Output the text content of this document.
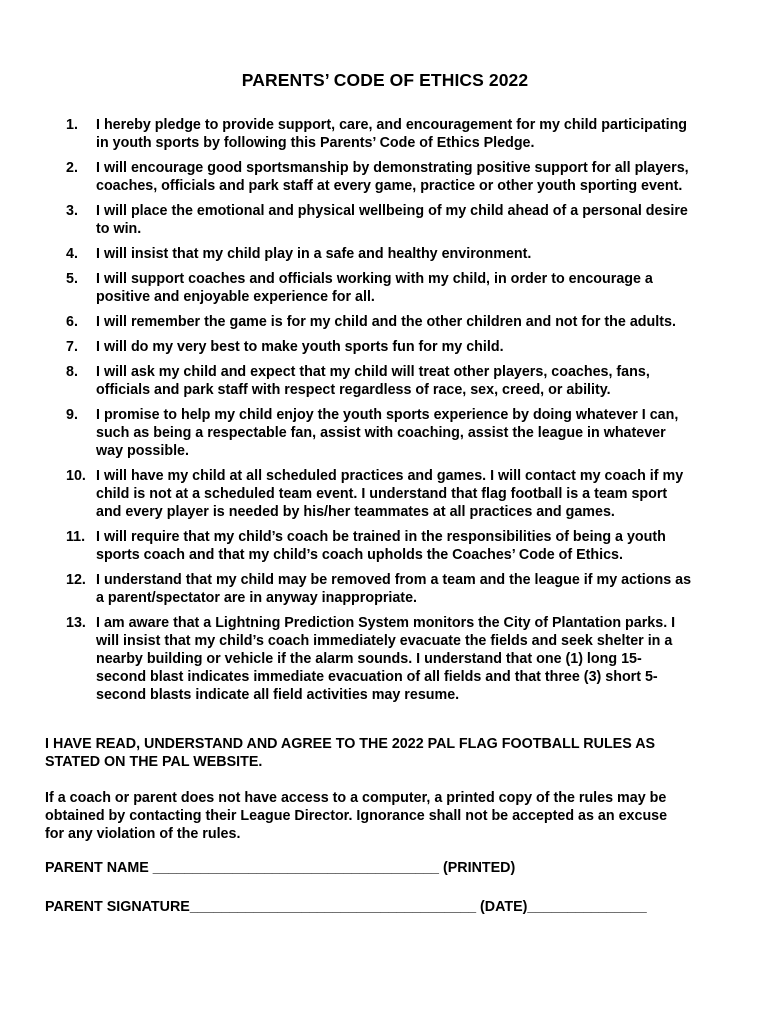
PARENTS’ CODE OF ETHICS 2022
1.	I hereby pledge to provide support, care, and encouragement for my child participating
in youth sports by following this Parents’ Code of Ethics Pledge.
2.	I will encourage good sportsmanship by demonstrating positive support for all players,
coaches, officials and park staff at every game, practice or other youth sporting event.
3.	I will place the emotional and physical wellbeing of my child ahead of a personal desire
to win.
4.	I will insist that my child play in a safe and healthy environment.
5.	I will support coaches and officials working with my child, in order to encourage a
positive and enjoyable experience for all.
6.	I will remember the game is for my child and the other children and not for the adults.
7.	I will do my very best to make youth sports fun for my child.
8.	I will ask my child and expect that my child will treat other players, coaches, fans,
officials and park staff with respect regardless of race, sex, creed, or ability.
9.	I promise to help my child enjoy the youth sports experience by doing whatever I can,
such as being a respectable fan, assist with coaching, assist the league in whatever
way possible.
10. I will have my child at all scheduled practices and games. I will contact my coach if my
child is not at a scheduled team event. I understand that flag football is a team sport
and every player is needed by his/her teammates at all practices and games.
11. I will require that my child’s coach be trained in the responsibilities of being a youth
sports coach and that my child’s coach upholds the Coaches’ Code of Ethics.
12. I understand that my child may be removed from a team and the league if my actions as
a parent/spectator are in anyway inappropriate.
13. I am aware that a Lightning Prediction System monitors the City of Plantation parks. I
will insist that my child’s coach immediately evacuate the fields and seek shelter in a
nearby building or vehicle if the alarm sounds. I understand that one (1) long 15-
second blast indicates immediate evacuation of all fields and that three (3) short 5-
second blasts indicate all field activities may resume.
I HAVE READ, UNDERSTAND AND AGREE TO THE 2022 PAL FLAG FOOTBALL RULES AS
STATED ON THE PAL WEBSITE.
If a coach or parent does not have access to a computer, a printed copy of the rules may be
obtained by contacting their League Director. Ignorance shall not be accepted as an excuse
for any violation of the rules.
PARENT NAME ____________________________________ (PRINTED)
PARENT SIGNATURE____________________________________ (DATE)_______________
